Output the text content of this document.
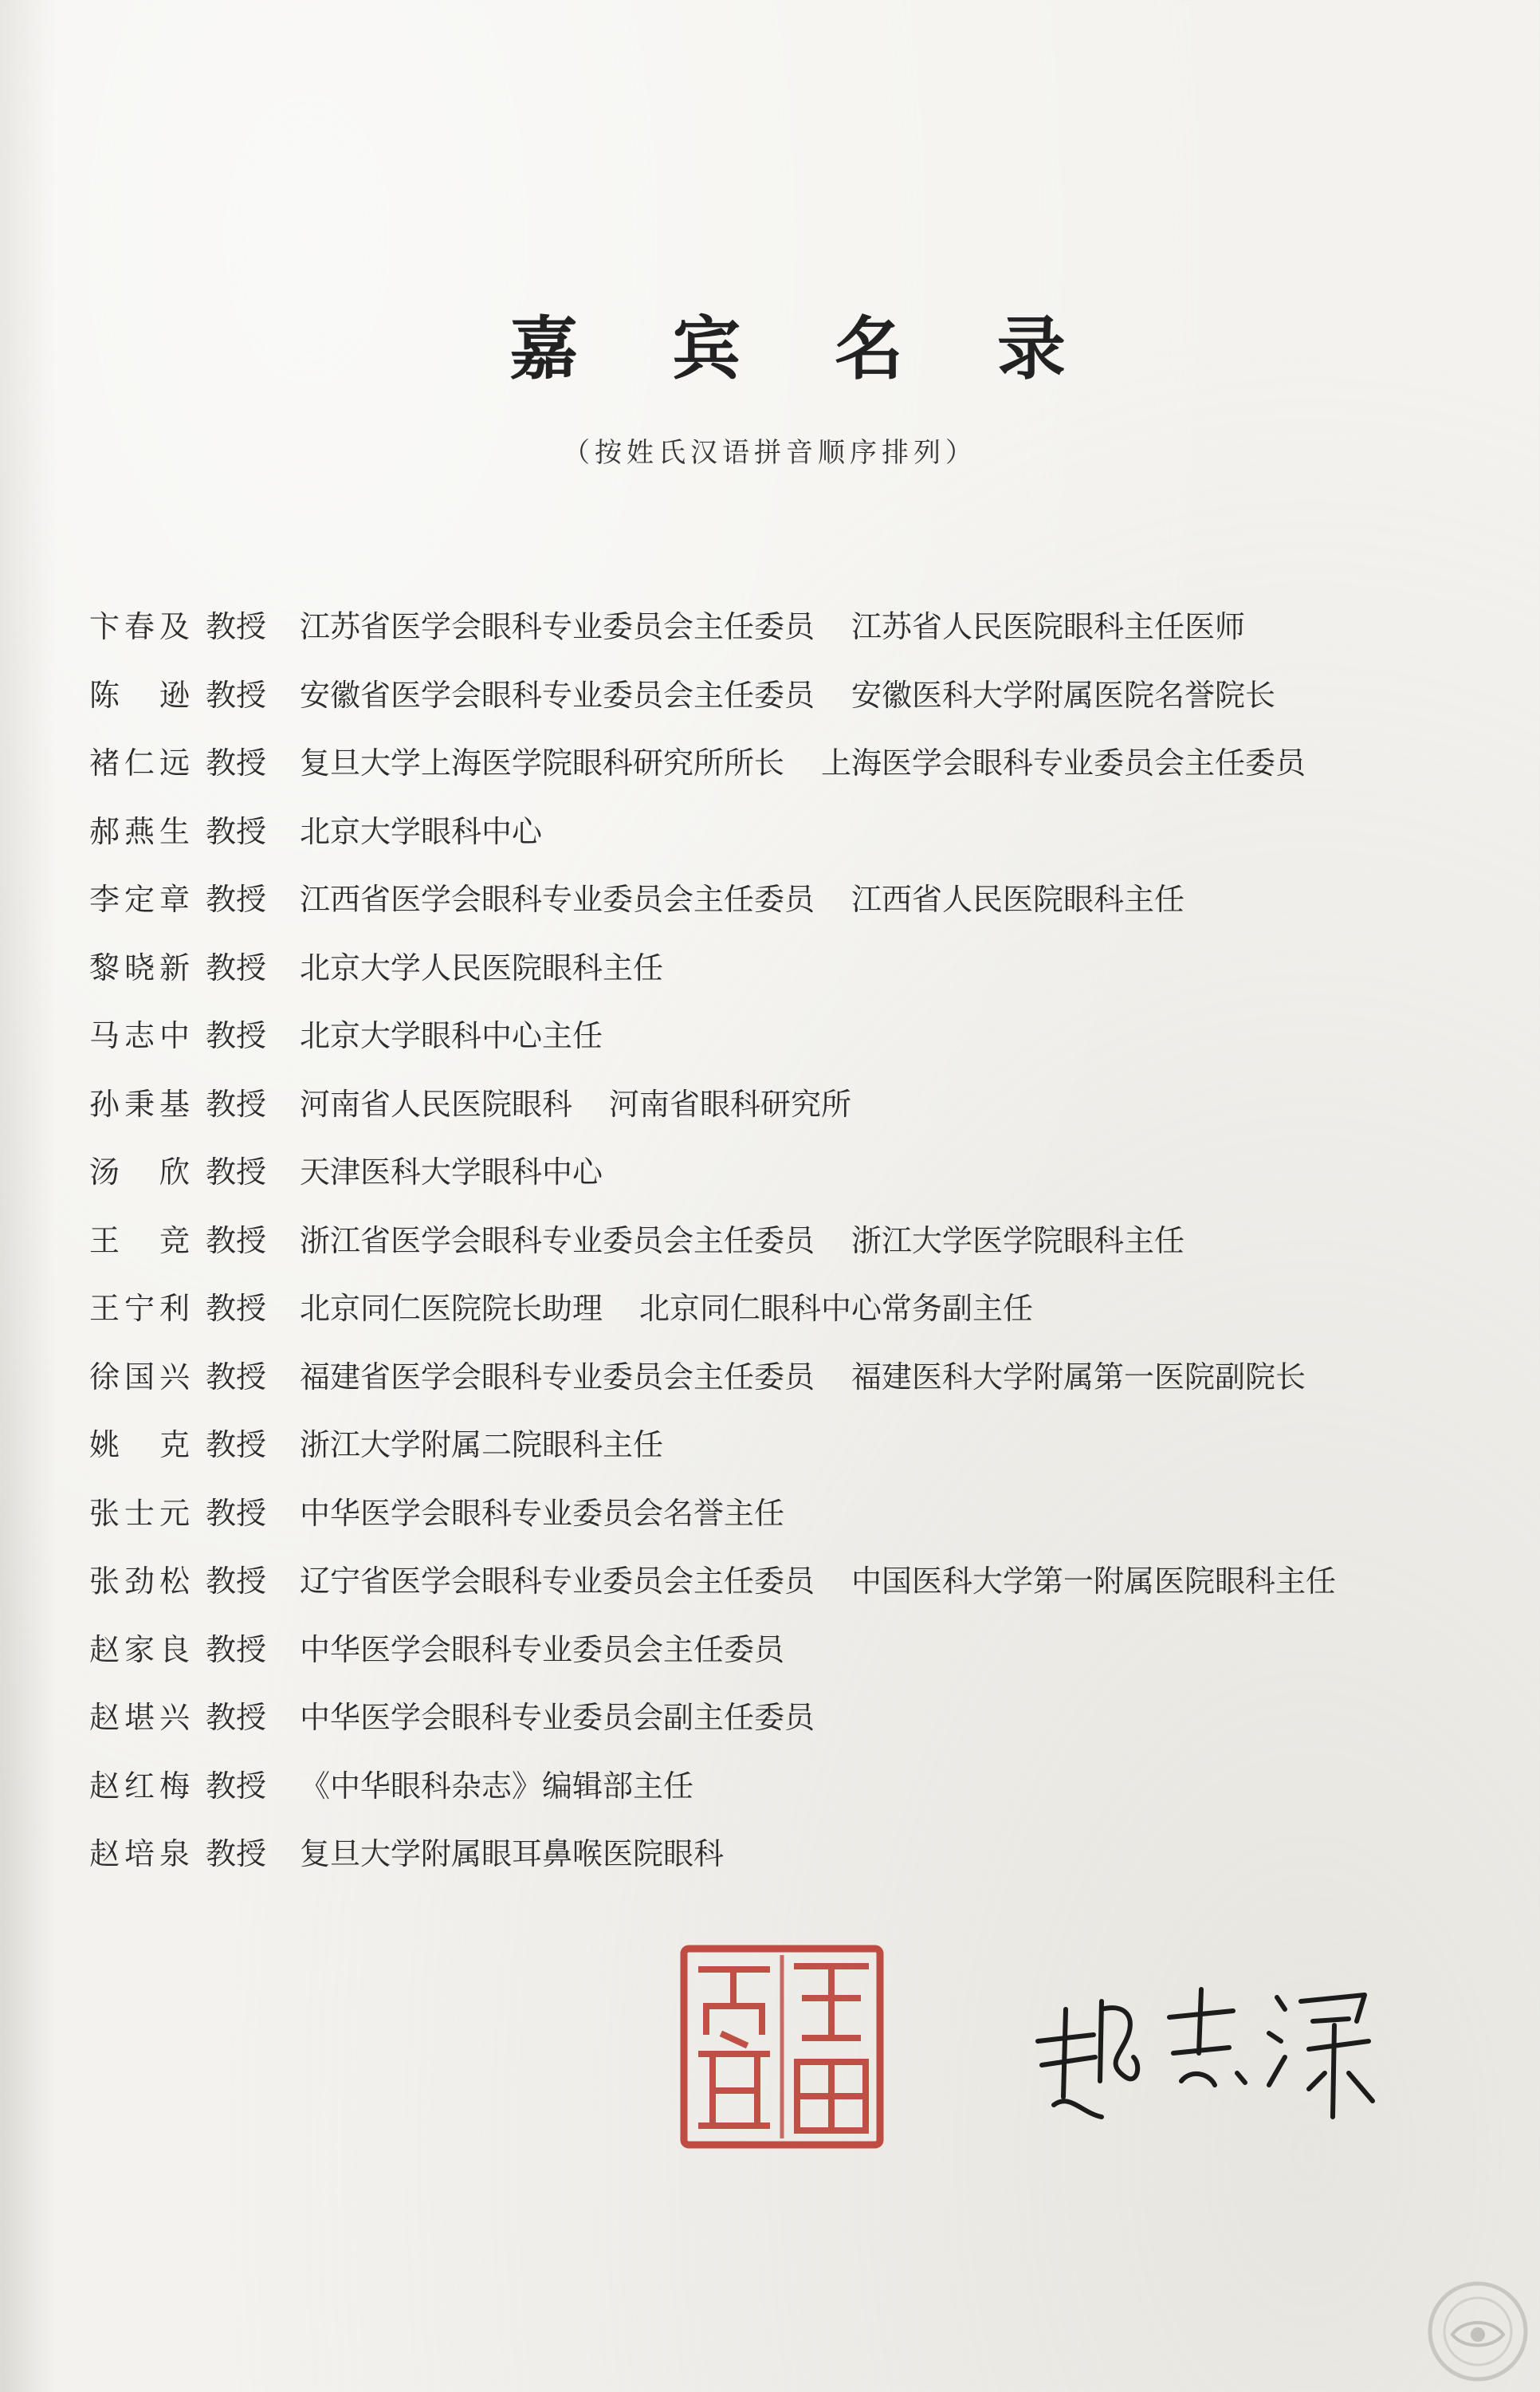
嘉 宾 名 录
（按姓氏汉语拼音顺序排列）
卞春及 教授 江苏省医学会眼科专业委员会主任委员 江苏省人民医院眼科主任医师
陈逊 教授 安徽省医学会眼科专业委员会主任委员 安徽医科大学附属医院名誉院长
褚仁远 教授 复旦大学上海医学院眼科研究所所长 上海医学会眼科专业委员会主任委员
郝燕生 教授 北京大学眼科中心
李定章 教授 江西省医学会眼科专业委员会主任委员 江西省人民医院眼科主任
黎晓新 教授 北京大学人民医院眼科主任
马志中 教授 北京大学眼科中心主任
孙秉基 教授 河南省人民医院眼科 河南省眼科研究所
汤欣 教授 天津医科大学眼科中心
王竞 教授 浙江省医学会眼科专业委员会主任委员 浙江大学医学院眼科主任
王宁利 教授 北京同仁医院院长助理 北京同仁眼科中心常务副主任
徐国兴 教授 福建省医学会眼科专业委员会主任委员 福建医科大学附属第一医院副院长
姚克 教授 浙江大学附属二院眼科主任
张士元 教授 中华医学会眼科专业委员会名誉主任
张劲松 教授 辽宁省医学会眼科专业委员会主任委员 中国医科大学第一附属医院眼科主任
赵家良 教授 中华医学会眼科专业委员会主任委员
赵堪兴 教授 中华医学会眼科专业委员会副主任委员
赵红梅 教授 《中华眼科杂志》编辑部主任
赵培泉 教授 复旦大学附属眼耳鼻喉医院眼科
